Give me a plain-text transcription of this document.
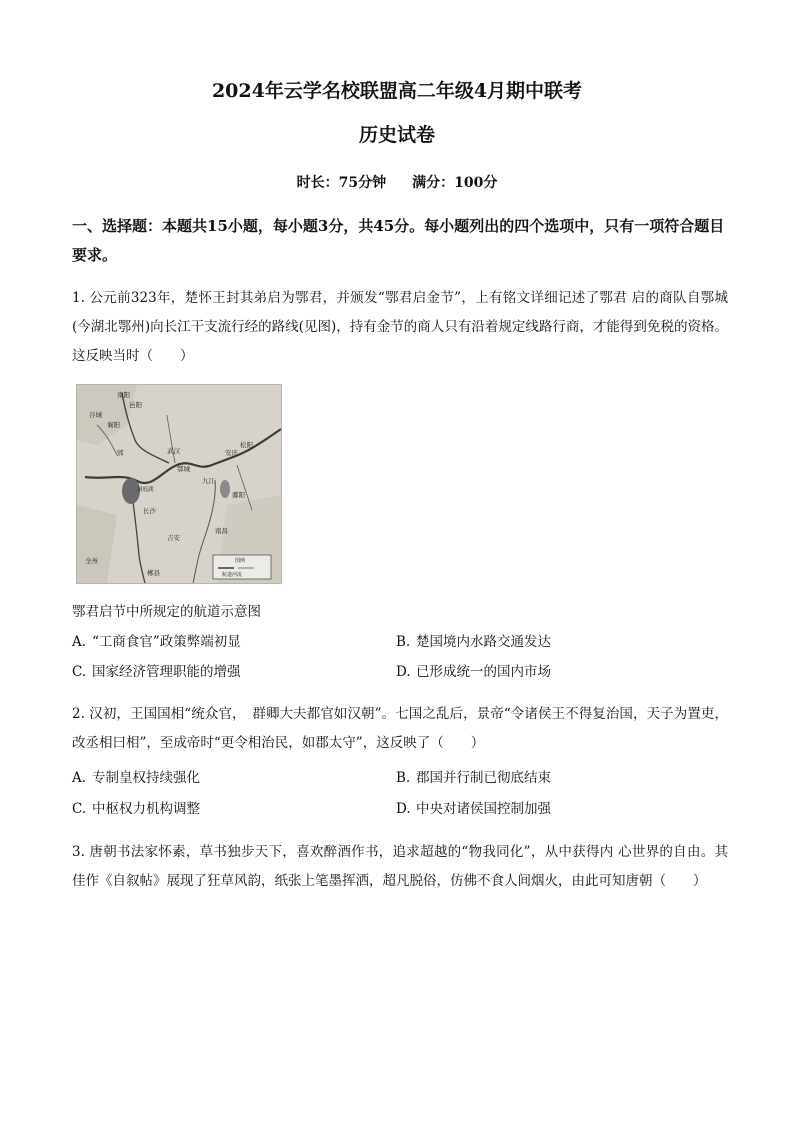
2024年云学名校联盟高二年级4月期中联考
历史试卷
时长：75分钟 满分：100分
一、选择题：本题共15小题，每小题3分，共45分。每小题列出的四个选项中，只有一项符合题目要求。
1. 公元前323年，楚怀王封其弟启为鄂君，并颁发“鄂君启金节”，上有铭文详细记述了鄂君 启的商队自鄂城(今湖北鄂州)向长江干支流行经的路线(见图)，持有金节的商人只有沿着规定线路行商，才能得到免税的资格。这反映当时（　　）
南阳
邑阳
谷城
襄阳
郢	武汉
鄂城
安庆
松阳
九江
鄱阳
洞庭湖
长沙
南昌
吉安
郴县
全州	图例
航道河流
鄂君启节中所规定的航道示意图
A. “工商食官”政策弊端初显	B. 楚国境内水路交通发达
C. 国家经济管理职能的增强	D. 已形成统一的国内市场
2. 汉初，王国国相“统众官，　群卿大夫都官如汉朝”。七国之乱后，景帝“令诸侯王不得复治国，天子为置吏，改丞相曰相”，至成帝时“更令相治民，如郡太守”，这反映了（　　）
A. 专制皇权持续强化	B. 郡国并行制已彻底结束
C. 中枢权力机构调整	D. 中央对诸侯国控制加强
3. 唐朝书法家怀素，草书独步天下，喜欢醉酒作书，追求超越的“物我同化”，从中获得内 心世界的自由。其佳作《自叙帖》展现了狂草风韵，纸张上笔墨挥洒，超凡脱俗，仿佛不食人间烟火，由此可知唐朝（　　）
